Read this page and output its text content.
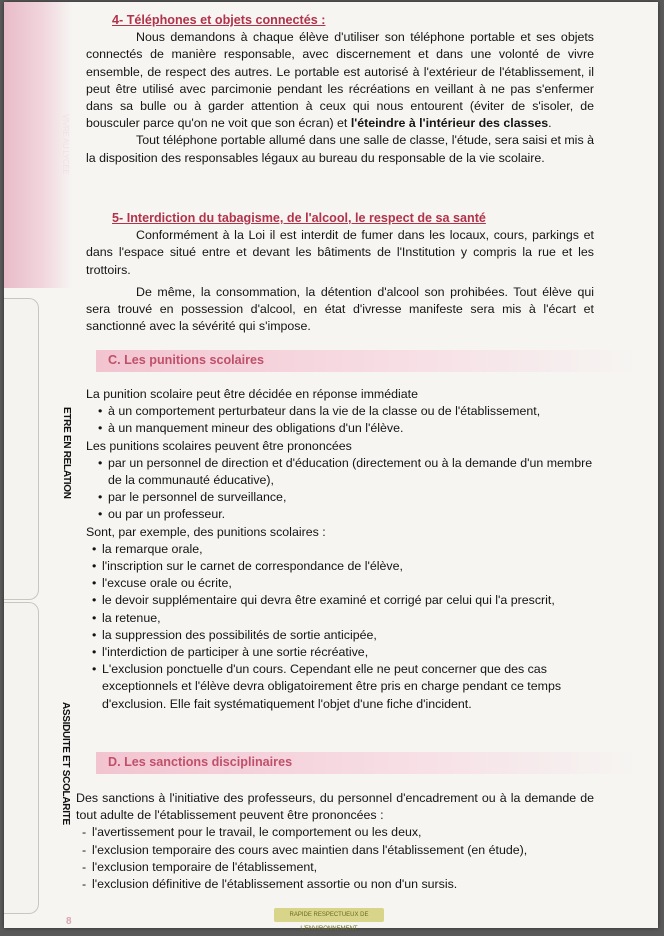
VIVRE AU LYCEE
ETRE EN RELATION
ASSIDUITE ET SCOLARITE
8
4- Téléphones et objets connectés :

Nous demandons à chaque élève d'utiliser son téléphone portable et ses objets connectés de manière responsable, avec discernement et dans une volonté de vivre ensemble, de respect des autres. Le portable est autorisé à l'extérieur de l'établissement, il peut être utilisé avec parcimonie pendant les récréations en veillant à ne pas s'enfermer dans sa bulle ou à garder attention à ceux qui nous entourent (éviter de s'isoler, de bousculer parce qu'on ne voit que son écran) et l'éteindre à l'intérieur des classes.

Tout téléphone portable allumé dans une salle de classe, l'étude, sera saisi et mis à la disposition des responsables légaux au bureau du responsable de la vie scolaire.

5- Interdiction du tabagisme, de l'alcool, le respect de sa santé

Conformément à la Loi il est interdit de fumer dans les locaux, cours, parkings et dans l'espace situé entre et devant les bâtiments de l'Institution y compris la rue et les trottoirs.

De même, la consommation, la détention d'alcool son prohibées. Tout élève qui sera trouvé en possession d'alcool, en état d'ivresse manifeste sera mis à l'écart et sanctionné avec la sévérité qui s'impose.

C. Les punitions scolaires

La punition scolaire peut être décidée en réponse immédiate

• à un comportement perturbateur dans la vie de la classe ou de l'établissement,
• à un manquement mineur des obligations d'un l'élève.

Les punitions scolaires peuvent être prononcées

• par un personnel de direction et d'éducation (directement ou à la demande d'un membre de la communauté éducative),
• par le personnel de surveillance,
• ou par un professeur.

Sont, par exemple, des punitions scolaires :

• la remarque orale,
• l'inscription sur le carnet de correspondance de l'élève,
• l'excuse orale ou écrite,
• le devoir supplémentaire qui devra être examiné et corrigé par celui qui l'a prescrit,
• la retenue,
• la suppression des possibilités de sortie anticipée,
• l'interdiction de participer à une sortie récréative,
• L'exclusion ponctuelle d'un cours. Cependant elle ne peut concerner que des cas exceptionnels et l'élève devra obligatoirement être pris en charge pendant ce temps d'exclusion. Elle fait systématiquement l'objet d'une fiche d'incident.
D. Les sanctions disciplinaires

Des sanctions à l'initiative des professeurs, du personnel d'encadrement ou à la demande de tout adulte de l'établissement peuvent être prononcées :

- l'avertissement pour le travail, le comportement ou les deux,
- l'exclusion temporaire des cours avec maintien dans l'établissement (en étude),
- l'exclusion temporaire de l'établissement,
- l'exclusion définitive de l'établissement assortie ou non d'un sursis.
RAPIDE RESPECTUEUX DE L'ENVIRONNEMENT
